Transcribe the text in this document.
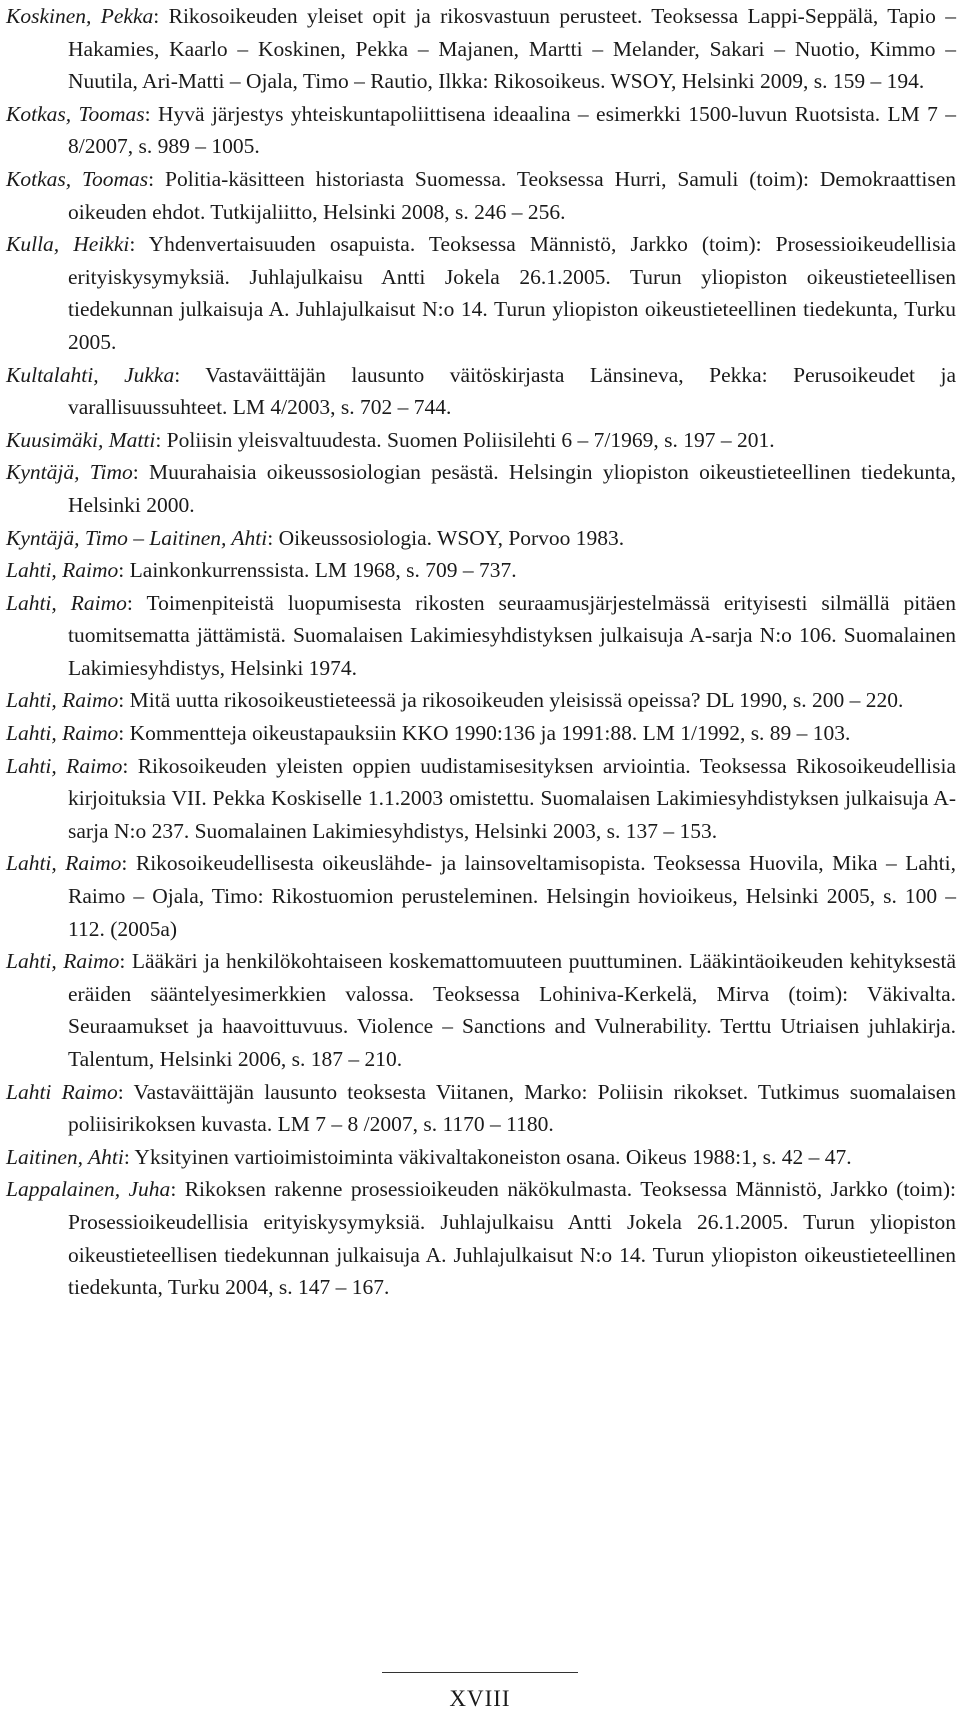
Koskinen, Pekka: Rikosoikeuden yleiset opit ja rikosvastuun perusteet. Teoksessa Lappi-Seppälä, Tapio – Hakamies, Kaarlo – Koskinen, Pekka – Majanen, Martti – Melander, Sakari – Nuotio, Kimmo – Nuutila, Ari-Matti – Ojala, Timo – Rautio, Ilkka: Rikosoikeus. WSOY, Helsinki 2009, s. 159 – 194.
Kotkas, Toomas: Hyvä järjestys yhteiskuntapoliittisena ideaalina – esimerkki 1500-luvun Ruotsista. LM 7 – 8/2007, s. 989 – 1005.
Kotkas, Toomas: Politia-käsitteen historiasta Suomessa. Teoksessa Hurri, Samuli (toim): Demokraattisen oikeuden ehdot. Tutkijaliitto, Helsinki 2008, s. 246 – 256.
Kulla, Heikki: Yhdenvertaisuuden osapuista. Teoksessa Männistö, Jarkko (toim): Prosessioikeudellisia erityiskysymyksiä. Juhlajulkaisu Antti Jokela 26.1.2005. Turun yliopiston oikeustieteellisen tiedekunnan julkaisuja A. Juhlajulkaisut N:o 14. Turun yliopiston oikeustieteellinen tiedekunta, Turku 2005.
Kultalahti, Jukka: Vastaväittäjän lausunto väitöskirjasta Länsineva, Pekka: Perusoikeudet ja varallisuussuhteet. LM 4/2003, s. 702 – 744.
Kuusimäki, Matti: Poliisin yleisvaltuudesta. Suomen Poliisilehti 6 – 7/1969, s. 197 – 201.
Kyntäjä, Timo: Muurahaisia oikeussosiologian pesästä. Helsingin yliopiston oikeustieteellinen tiedekunta, Helsinki 2000.
Kyntäjä, Timo – Laitinen, Ahti: Oikeussosiologia. WSOY, Porvoo 1983.
Lahti, Raimo: Lainkonkurrenssista. LM 1968, s. 709 – 737.
Lahti, Raimo: Toimenpiteistä luopumisesta rikosten seuraamusjärjestelmässä erityisesti silmällä pitäen tuomitsematta jättämistä. Suomalaisen Lakimiesyhdistyksen julkaisuja A-sarja N:o 106. Suomalainen Lakimiesyhdistys, Helsinki 1974.
Lahti, Raimo: Mitä uutta rikosoikeustieteessä ja rikosoikeuden yleisissä opeissa? DL 1990, s. 200 – 220.
Lahti, Raimo: Kommentteja oikeustapauksiin KKO 1990:136 ja 1991:88. LM 1/1992, s. 89 – 103.
Lahti, Raimo: Rikosoikeuden yleisten oppien uudistamisesityksen arviointia. Teoksessa Rikosoikeudellisia kirjoituksia VII. Pekka Koskiselle 1.1.2003 omistettu. Suomalaisen Lakimiesyhdistyksen julkaisuja A-sarja N:o 237. Suomalainen Lakimiesyhdistys, Helsinki 2003, s. 137 – 153.
Lahti, Raimo: Rikosoikeudellisesta oikeuslähde- ja lainsoveltamisopista. Teoksessa Huovila, Mika – Lahti, Raimo – Ojala, Timo: Rikostuomion perusteleminen. Helsingin hovioikeus, Helsinki 2005, s. 100 – 112. (2005a)
Lahti, Raimo: Lääkäri ja henkilökohtaiseen koskemattomuuteen puuttuminen. Lääkintäoikeuden kehityksestä eräiden sääntelyesimerkkien valossa. Teoksessa Lohiniva-Kerkelä, Mirva (toim): Väkivalta. Seuraamukset ja haavoittuvuus. Violence – Sanctions and Vulnerability. Terttu Utriaisen juhlakirja. Talentum, Helsinki 2006, s. 187 – 210.
Lahti Raimo: Vastaväittäjän lausunto teoksesta Viitanen, Marko: Poliisin rikokset. Tutkimus suomalaisen poliisirikoksen kuvasta. LM 7 – 8 /2007, s. 1170 – 1180.
Laitinen, Ahti: Yksityinen vartioimistoiminta väkivaltakoneiston osana. Oikeus 1988:1, s. 42 – 47.
Lappalainen, Juha: Rikoksen rakenne prosessioikeuden näkökulmasta. Teoksessa Männistö, Jarkko (toim): Prosessioikeudellisia erityiskysymyksiä. Juhlajulkaisu Antti Jokela 26.1.2005. Turun yliopiston oikeustieteellisen tiedekunnan julkaisuja A. Juhlajulkaisut N:o 14. Turun yliopiston oikeustieteellinen tiedekunta, Turku 2004, s. 147 – 167.
XVIII
